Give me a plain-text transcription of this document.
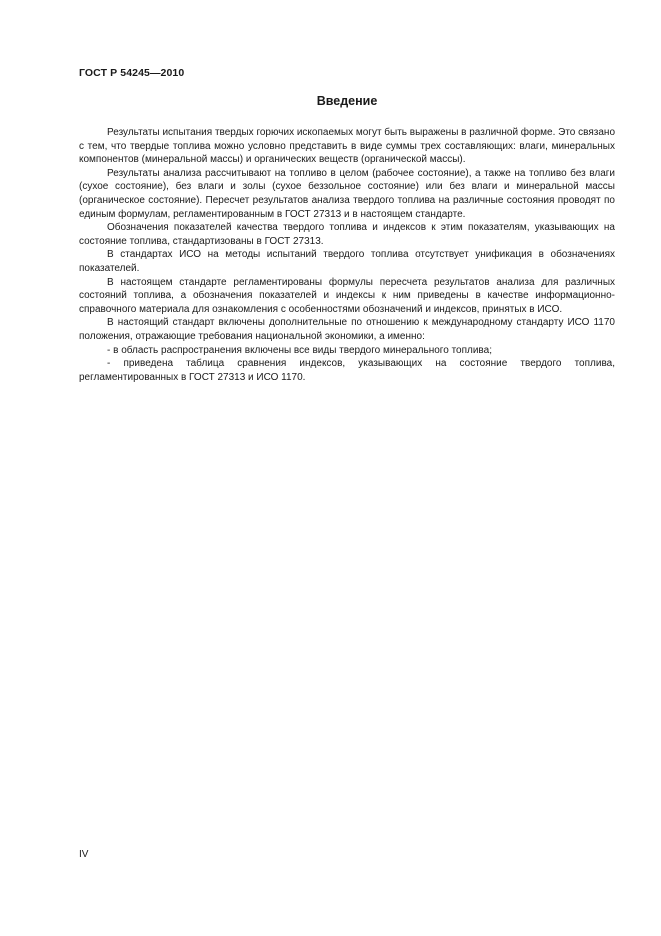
ГОСТ Р 54245—2010
Введение

Результаты испытания твердых горючих ископаемых могут быть выражены в различной форме. Это связано с тем, что твердые топлива можно условно представить в виде суммы трех составляющих: влаги, минеральных компонентов (минеральной массы) и органических веществ (органической массы).

Результаты анализа рассчитывают на топливо в целом (рабочее состояние), а также на топливо без влаги (сухое состояние), без влаги и золы (сухое беззольное состояние) или без влаги и минеральной массы (органическое состояние). Пересчет результатов анализа твердого топлива на различные состояния проводят по единым формулам, регламентированным в ГОСТ 27313 и в настоящем стандарте.

Обозначения показателей качества твердого топлива и индексов к этим показателям, указывающих на состояние топлива, стандартизованы в ГОСТ 27313.

В стандартах ИСО на методы испытаний твердого топлива отсутствует унификация в обозначениях показателей.

В настоящем стандарте регламентированы формулы пересчета результатов анализа для различных состояний топлива, а обозначения показателей и индексы к ним приведены в качестве информационно-справочного материала для ознакомления с особенностями обозначений и индексов, принятых в ИСО.

В настоящий стандарт включены дополнительные по отношению к международному стандарту ИСО 1170 положения, отражающие требования национальной экономики, а именно:

- в область распространения включены все виды твердого минерального топлива;

- приведена таблица сравнения индексов, указывающих на состояние твердого топлива, регламентированных в ГОСТ 27313 и ИСО 1170.

IV
